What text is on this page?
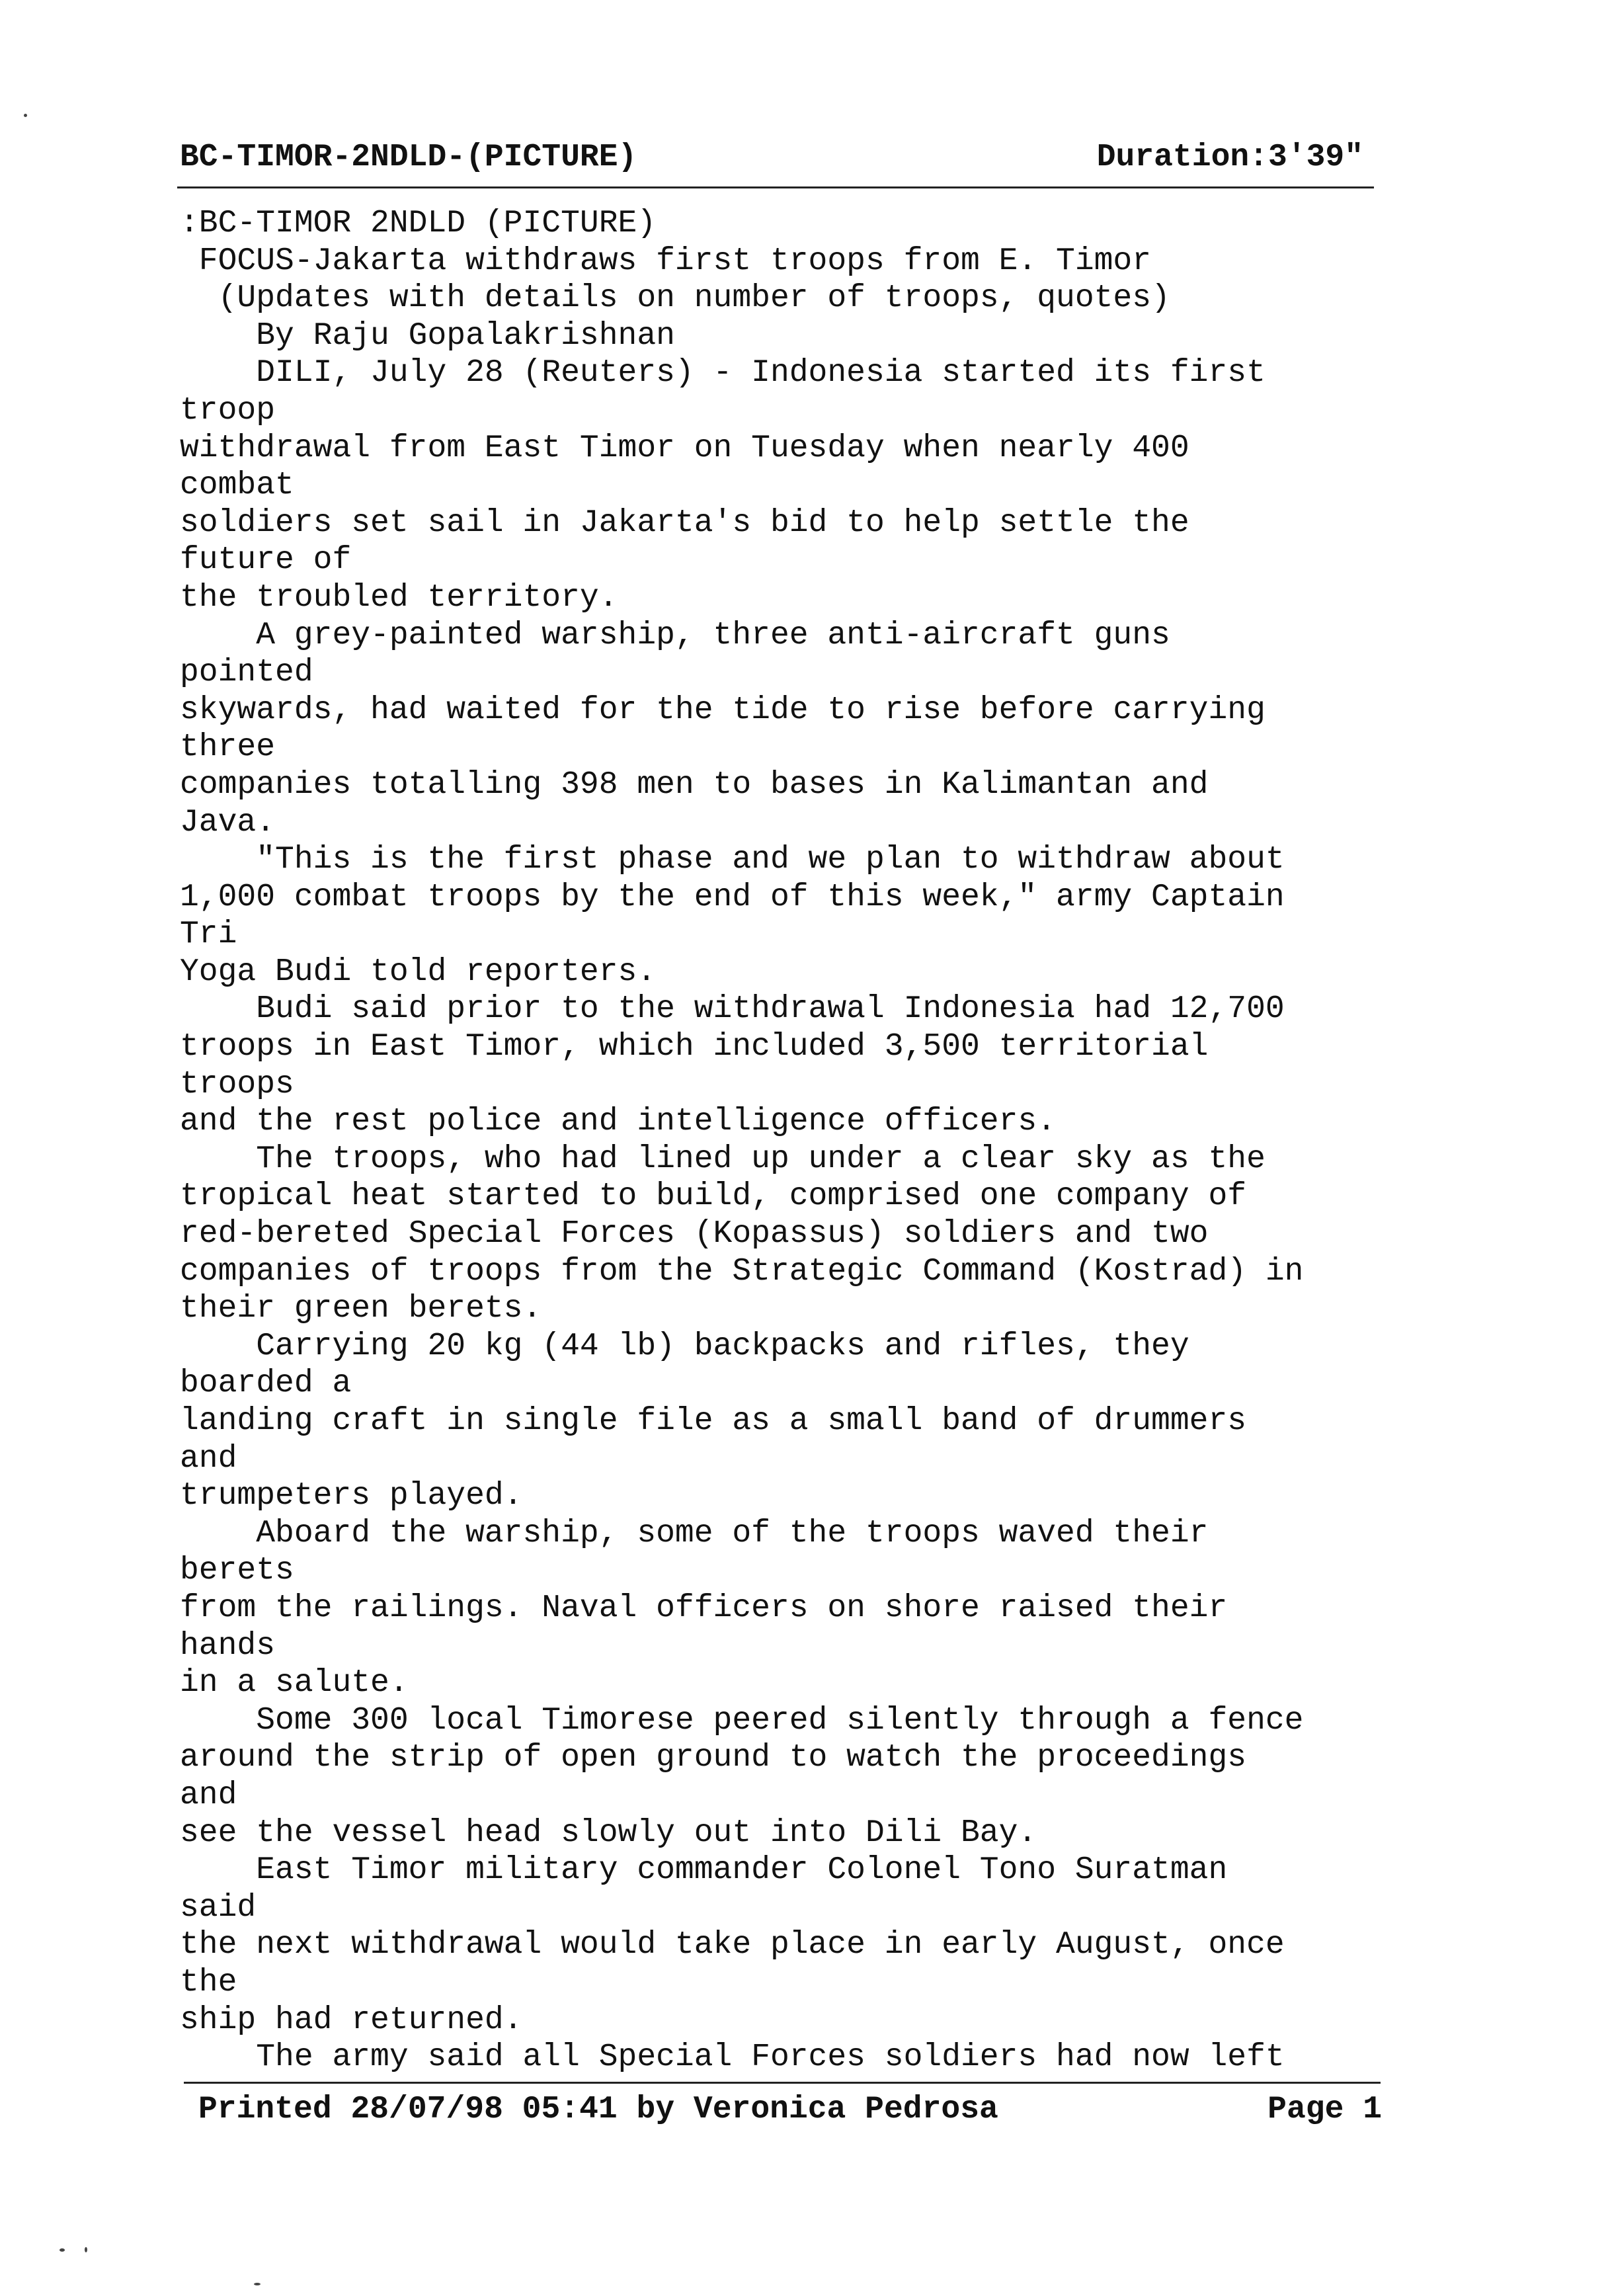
BC-TIMOR-2NDLD-(PICTURE)	Duration:3'39"
:BC-TIMOR 2NDLD (PICTURE)
FOCUS-Jakarta withdraws first troops from E. Timor
(Updates with details on number of troops, quotes)
By Raju Gopalakrishnan
DILI, July 28 (Reuters) - Indonesia started its first
troop
withdrawal from East Timor on Tuesday when nearly 400
combat
soldiers set sail in Jakarta's bid to help settle the
future of
the troubled territory.
A grey-painted warship, three anti-aircraft guns
pointed
skywards, had waited for the tide to rise before carrying
three
companies totalling 398 men to bases in Kalimantan and
Java.
"This is the first phase and we plan to withdraw about
1,000 combat troops by the end of this week," army Captain
Tri
Yoga Budi told reporters.
Budi said prior to the withdrawal Indonesia had 12,700
troops in East Timor, which included 3,500 territorial
troops
and the rest police and intelligence officers.
The troops, who had lined up under a clear sky as the
tropical heat started to build, comprised one company of
red-bereted Special Forces (Kopassus) soldiers and two
companies of troops from the Strategic Command (Kostrad) in
their green berets.
Carrying 20 kg (44 lb) backpacks and rifles, they
boarded a
landing craft in single file as a small band of drummers
and
trumpeters played.
Aboard the warship, some of the troops waved their
berets
from the railings. Naval officers on shore raised their
hands
in a salute.
Some 300 local Timorese peered silently through a fence
around the strip of open ground to watch the proceedings
and
see the vessel head slowly out into Dili Bay.
East Timor military commander Colonel Tono Suratman
said
the next withdrawal would take place in early August, once
the
ship had returned.
The army said all Special Forces soldiers had now left
Printed 28/07/98 05:41 by Veronica Pedrosa	Page 1
